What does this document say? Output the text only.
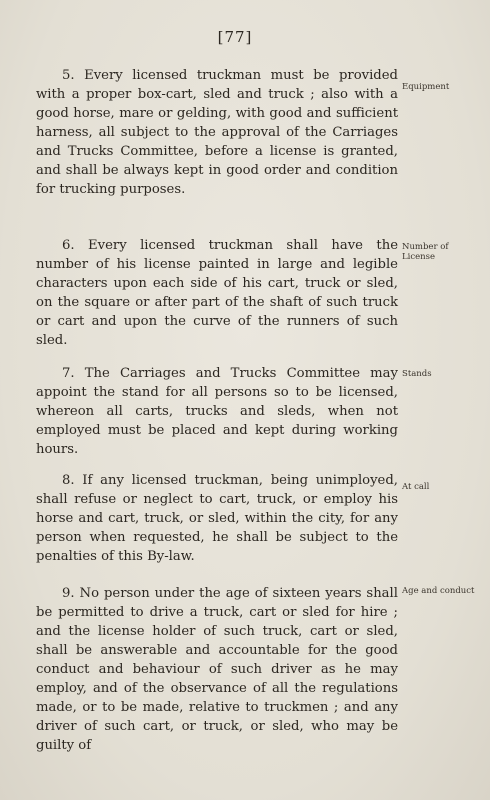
[77]

5. Every licensed truckman must be provided with a proper box-cart, sled and truck ; also with a good horse, mare or gelding, with good and sufficient harness, all subject to the approval of the Carriages and Trucks Committee, before a license is granted, and shall be always kept in good order and condition for trucking purposes.

Equipment

6. Every licensed truckman shall have the number of his license painted in large and legible characters upon each side of his cart, truck or sled, on the square or after part of the shaft of such truck or cart and upon the curve of the runners of such sled.

Number of License

7. The Carriages and Trucks Committee may appoint the stand for all persons so to be licensed, whereon all carts, trucks and sleds, when not employed must be placed and kept during working hours.

Stands

8. If any licensed truckman, being unimployed, shall refuse or neglect to cart, truck, or employ his horse and cart, truck, or sled, within the city, for any person when requested, he shall be subject to the penalties of this By-law.

At call

9. No person under the age of sixteen years shall be permitted to drive a truck, cart or sled for hire ; and the license holder of such truck, cart or sled, shall be answerable and accountable for the good conduct and behaviour of such driver as he may employ, and of the observance of all the regulations made, or to be made, relative to truckmen ; and any driver of such cart, or truck, or sled, who may be guilty of

Age and conduct
